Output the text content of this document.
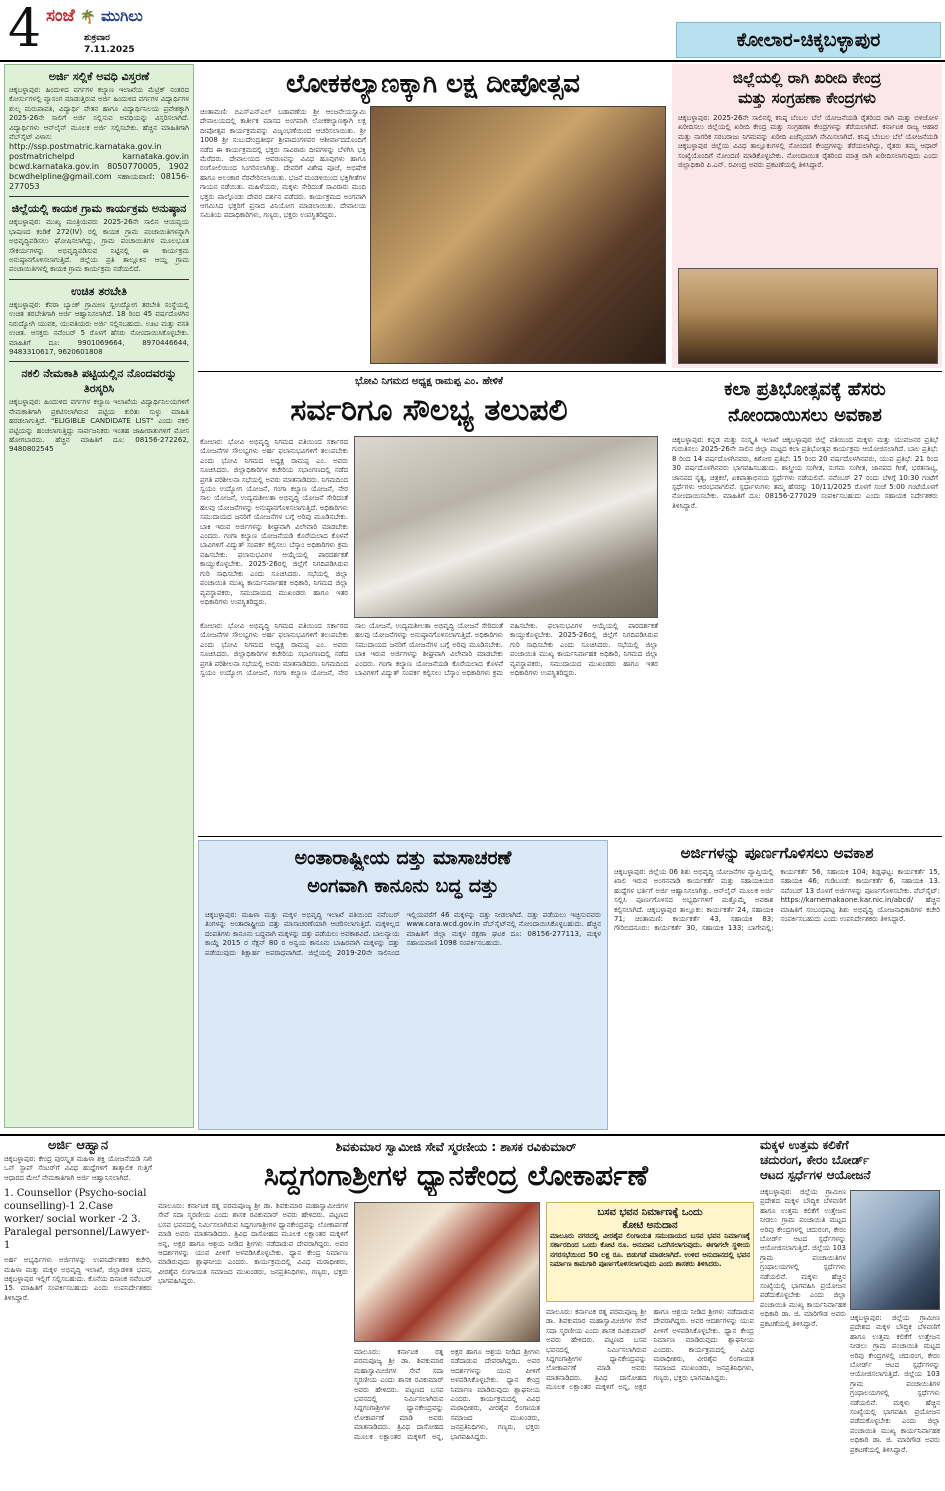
4 ಸಂಜೆ 🌴 ಮುಗಿಲು
ಶುಕ್ರವಾರ
7.11.2025	ಕೋಲಾರ-ಚಿಕ್ಕಬಳ್ಳಾಪುರ
ಅರ್ಜಿ ಸಲ್ಲಿಕೆ ಅವಧಿ ವಿಸ್ತರಣೆ
ಚಿಕ್ಕಬಳ್ಳಾಪುರ: ಹಿಂದುಳಿದ ವರ್ಗಗಳ ಕಲ್ಯಾಣ ಇಲಾಖೆಯ ಮೆಟ್ರಿಕ್ ನಂತರದ ಕೋರ್ಸುಗಳಲ್ಲಿ ವ್ಯಾಸಂಗ ಮಾಡುತ್ತಿರುವ ಅರ್ಜಿ ಹಿಂದುಳಿದ ವರ್ಗಗಳ ವಿದ್ಯಾರ್ಥಿಗಳ ಶುಲ್ಕ ಮರುಪಾವತಿ, ವಿದ್ಯಾರ್ಥಿ ವೇತನ ಹಾಗೂ ವಿದ್ಯಾರ್ಥಿನಿಲಯ ಪ್ರವೇಶಕ್ಕಾಗಿ 2025-26ನೇ ಸಾಲಿಗೆ ಅರ್ಜಿ ಸಲ್ಲಿಸುವ ಅವಧಿಯನ್ನು ವಿಸ್ತರಿಸಲಾಗಿದೆ. ವಿದ್ಯಾರ್ಥಿಗಳು ಆನ್‌ಲೈನ್ ಮೂಲಕ ಅರ್ಜಿ ಸಲ್ಲಿಸಬೇಕು. ಹೆಚ್ಚಿನ ಮಾಹಿತಿಗಾಗಿ ವೆಬ್‌ಸೈಟ್ ವಿಳಾಸ:
http://ssp.postmatric.karnataka.gov.in postmatrichelpd karnataka.gov.in bcwd.karnataka.gov.in 8050770005, 1902 bcwdhelpline@gmail.com ಸಹಾಯವಾಣಿ: 08156-277053
ಜಿಲ್ಲೆಯಲ್ಲಿ ಕಾಯಕ ಗ್ರಾಮ ಕಾರ್ಯಕ್ರಮ ಅನುಷ್ಠಾನ
ಚಿಕ್ಕಬಳ್ಳಾಪುರ: ಮುಖ್ಯ ಮಂತ್ರಿಯವರು 2025-26ನೇ ಸಾಲಿನ ಆಯವ್ಯಯ ಭಾಷಣದ ಕಂಡಿಕೆ 272(IV) ರಲ್ಲಿ ಕಾಯಕ ಗ್ರಾಮ ಪಂಚಾಯಿತಿಗಳನ್ನಾಗಿ ಅಭಿವೃದ್ಧಿಪಡಿಸಲು ಘೋಷಿಸಲಾಗಿದ್ದು, ಗ್ರಾಮ ಪಂಚಾಯಿತಿಗಳ ಮೂಲಭೂತ ಸೌಕರ್ಯಗಳನ್ನು ಅಭಿವೃದ್ಧಿಪಡಿಸುವ ನಿಟ್ಟಿನಲ್ಲಿ ಈ ಕಾರ್ಯಕ್ರಮ ಅನುಷ್ಠಾನಗೊಳಿಸಲಾಗುತ್ತಿದೆ. ಜಿಲ್ಲೆಯ ಪ್ರತಿ ತಾಲ್ಲೂಕಿನ ಆಯ್ದ ಗ್ರಾಮ ಪಂಚಾಯಿತಿಗಳಲ್ಲಿ ಕಾಯಕ ಗ್ರಾಮ ಕಾರ್ಯಕ್ರಮ ನಡೆಯಲಿದೆ.
ಉಚಿತ ತರಬೇತಿ
ಚಿಕ್ಕಬಳ್ಳಾಪುರ: ಕೆನರಾ ಬ್ಯಾಂಕ್ ಗ್ರಾಮೀಣ ಸ್ವಉದ್ಯೋಗ ತರಬೇತಿ ಸಂಸ್ಥೆಯಲ್ಲಿ ಉಚಿತ ತರಬೇತಿಗಾಗಿ ಅರ್ಜಿ ಆಹ್ವಾನಿಸಲಾಗಿದೆ. 18 ರಿಂದ 45 ವರ್ಷದೊಳಗಿನ ನಿರುದ್ಯೋಗಿ ಯುವಕ, ಯುವತಿಯರು ಅರ್ಜಿ ಸಲ್ಲಿಸಬಹುದು. ಊಟ ಮತ್ತು ವಸತಿ ಉಚಿತ. ಆಸಕ್ತರು ನವೆಂಬರ್ 5 ರೊಳಗೆ ಹೆಸರು ನೋಂದಾಯಿಸಿಕೊಳ್ಳಬೇಕು. ಮಾಹಿತಿಗೆ ದೂ: 9901069664, 8970446644, 9483310617, 9620601808
ನಕಲಿ ನೇಮಕಾತಿ ಪಟ್ಟಿಯಲ್ಲಿನ ನೊಂದವರನ್ನು ತಿರಸ್ಕರಿಸಿ
ಚಿಕ್ಕಬಳ್ಳಾಪುರ: ಹಿಂದುಳಿದ ವರ್ಗಗಳ ಕಲ್ಯಾಣ ಇಲಾಖೆಯ ವಿದ್ಯಾರ್ಥಿನಿಲಯಗಳಿಗೆ ನೇಮಕಾತಿಗಾಗಿ ಪ್ರಕಟಿಸಲಾಗಿರುವ ಪಟ್ಟಿಯ ಕುರಿತು ಸುಳ್ಳು ಮಾಹಿತಿ ಹರಡಲಾಗುತ್ತಿದೆ. "ELIGIBLE CANDIDATE LIST" ಎಂದು ನಕಲಿ ಪಟ್ಟಿಯನ್ನು ಹಂಚಲಾಗುತ್ತಿದ್ದು ಸಾರ್ವಜನಿಕರು ಇಂತಹ ಜಾಹೀರಾತುಗಳಿಗೆ ಮೋಸ ಹೋಗಬಾರದು. ಹೆಚ್ಚಿನ ಮಾಹಿತಿಗೆ ದೂ: 08156-272262, 9480802545
ಲೋಕಕಲ್ಯಾಣಕ್ಕಾಗಿ ಲಕ್ಷ ದೀಪೋತ್ಸವ
ಚಿಂತಾಮಣಿ: ಬಿಎಸ್‌ಎನ್‌ಎಲ್ ಬಡಾವಣೆಯ ಶ್ರೀ ಆಂಜನೇಯಸ್ವಾಮಿ ದೇವಾಲಯದಲ್ಲಿ ಕಾರ್ತೀಕ ಮಾಸದ ಅಂಗವಾಗಿ ಲೋಕಕಲ್ಯಾಣಕ್ಕಾಗಿ ಲಕ್ಷ ದೀಪೋತ್ಸವ ಕಾರ್ಯಕ್ರಮವನ್ನು ವಿಜೃಂಭಣೆಯಿಂದ ಆಚರಿಸಲಾಯಿತು. ಶ್ರೀ 1008 ಶ್ರೀ ಸುಬುದೇಂದ್ರತೀರ್ಥ ಶ್ರೀಪಾದಂಗಳವರ ಆಶೀರ್ವಾದದೊಂದಿಗೆ ನಡೆದ ಈ ಕಾರ್ಯಕ್ರಮದಲ್ಲಿ ಭಕ್ತರು ಸಾವಿರಾರು ದೀಪಗಳನ್ನು ಬೆಳಗಿಸಿ ಭಕ್ತಿ ಮೆರೆದರು. ದೇವಾಲಯದ ಆವರಣವನ್ನು ವಿವಿಧ ಹೂವುಗಳು ಹಾಗೂ ರಂಗೋಲಿಯಿಂದ ಸಿಂಗರಿಸಲಾಗಿತ್ತು. ದೇವರಿಗೆ ವಿಶೇಷ ಪೂಜೆ, ಅಭಿಷೇಕ ಹಾಗೂ ಅಲಂಕಾರ ನೆರವೇರಿಸಲಾಯಿತು. ಭಜನೆ ಮಂಡಳಿಯಿಂದ ಭಕ್ತಿಗೀತೆಗಳ ಗಾಯನ ನಡೆಯಿತು. ಮಹಿಳೆಯರು, ಮಕ್ಕಳು ಸೇರಿದಂತೆ ಸಾವಿರಾರು ಮಂದಿ ಭಕ್ತರು ಪಾಲ್ಗೊಂಡು ದೇವರ ದರ್ಶನ ಪಡೆದರು. ಕಾರ್ಯಕ್ರಮದ ಅಂಗವಾಗಿ ಆಗಮಿಸಿದ ಭಕ್ತರಿಗೆ ಪ್ರಸಾದ ವಿನಿಯೋಗ ಮಾಡಲಾಯಿತು. ದೇವಾಲಯ ಸಮಿತಿಯ ಪದಾಧಿಕಾರಿಗಳು, ಗಣ್ಯರು, ಭಕ್ತರು ಉಪಸ್ಥಿತರಿದ್ದರು.
ಜಿಲ್ಲೆಯಲ್ಲಿ ರಾಗಿ ಖರೀದಿ ಕೇಂದ್ರ
ಮತ್ತು ಸಂಗ್ರಹಣಾ ಕೇಂದ್ರಗಳು
ಚಿಕ್ಕಬಳ್ಳಾಪುರ: 2025-26ನೇ ಸಾಲಿನಲ್ಲಿ ಕನಿಷ್ಠ ಬೆಂಬಲ ಬೆಲೆ ಯೋಜನೆಯಡಿ ರೈತರಿಂದ ರಾಗಿ ಮತ್ತು ಬಿಳಿಜೋಳ ಖರೀದಿಸಲು ಜಿಲ್ಲೆಯಲ್ಲಿ ಖರೀದಿ ಕೇಂದ್ರ ಮತ್ತು ಸಂಗ್ರಹಣಾ ಕೇಂದ್ರಗಳನ್ನು ತೆರೆಯಲಾಗಿದೆ. ಕರ್ನಾಟಕ ರಾಜ್ಯ ಆಹಾರ ಮತ್ತು ನಾಗರಿಕ ಸರಬರಾಜು ನಿಗಮವನ್ನು ಖರೀದಿ ಏಜೆನ್ಸಿಯಾಗಿ ನೇಮಿಸಲಾಗಿದೆ. ಕನಿಷ್ಠ ಬೆಂಬಲ ಬೆಲೆ ಯೋಜನೆಯಡಿ ಚಿಕ್ಕಬಳ್ಳಾಪುರ ಜಿಲ್ಲೆಯ ವಿವಿಧ ತಾಲ್ಲೂಕುಗಳಲ್ಲಿ ನೋಂದಣಿ ಕೇಂದ್ರಗಳನ್ನು ತೆರೆಯಲಾಗಿದ್ದು, ರೈತರು ತಮ್ಮ ಆಧಾರ್ ಸಂಖ್ಯೆಯೊಂದಿಗೆ ನೋಂದಣಿ ಮಾಡಿಕೊಳ್ಳಬೇಕು. ನೋಂದಾಯಿತ ರೈತರಿಂದ ಮಾತ್ರ ರಾಗಿ ಖರೀದಿಸಲಾಗುವುದು ಎಂದು ಜಿಲ್ಲಾಧಿಕಾರಿ ಪಿ.ಎನ್. ರವೀಂದ್ರ ಅವರು ಪ್ರಕಟಣೆಯಲ್ಲಿ ತಿಳಿಸಿದ್ದಾರೆ.
ಭೋವಿ ನಿಗಮದ ಅಧ್ಯಕ್ಷ ರಾಮಪ್ಪ ಎಂ. ಹೇಳಿಕೆ
ಸರ್ವರಿಗೂ ಸೌಲಭ್ಯ ತಲುಪಲಿ
ಕೋಲಾರ: ಭೋವಿ ಅಭಿವೃದ್ಧಿ ನಿಗಮದ ವತಿಯಿಂದ ಸರ್ಕಾರದ ಯೋಜನೆಗಳ ಸೌಲಭ್ಯಗಳು ಅರ್ಹ ಫಲಾನುಭವಿಗಳಿಗೆ ತಲುಪಬೇಕು ಎಂದು ಭೋವಿ ನಿಗಮದ ಅಧ್ಯಕ್ಷ ರಾಮಪ್ಪ ಎಂ. ಅವರು ಸೂಚಿಸಿದರು. ಜಿಲ್ಲಾಧಿಕಾರಿಗಳ ಕಚೇರಿಯ ಸಭಾಂಗಣದಲ್ಲಿ ನಡೆದ ಪ್ರಗತಿ ಪರಿಶೀಲನಾ ಸಭೆಯಲ್ಲಿ ಅವರು ಮಾತನಾಡಿದರು. ನಿಗಮದಿಂದ ಸ್ವಯಂ ಉದ್ಯೋಗ ಯೋಜನೆ, ಗಂಗಾ ಕಲ್ಯಾಣ ಯೋಜನೆ, ನೇರ ಸಾಲ ಯೋಜನೆ, ಉದ್ಯಮಶೀಲತಾ ಅಭಿವೃದ್ಧಿ ಯೋಜನೆ ಸೇರಿದಂತೆ ಹಲವು ಯೋಜನೆಗಳನ್ನು ಅನುಷ್ಠಾನಗೊಳಿಸಲಾಗುತ್ತಿದೆ. ಅಧಿಕಾರಿಗಳು ಸಮುದಾಯದ ಜನರಿಗೆ ಯೋಜನೆಗಳ ಬಗ್ಗೆ ಅರಿವು ಮೂಡಿಸಬೇಕು. ಬಾಕಿ ಇರುವ ಅರ್ಜಿಗಳನ್ನು ಶೀಘ್ರವಾಗಿ ವಿಲೇವಾರಿ ಮಾಡಬೇಕು ಎಂದರು. ಗಂಗಾ ಕಲ್ಯಾಣ ಯೋಜನೆಯಡಿ ಕೊರೆಯಲಾದ ಕೊಳವೆ ಬಾವಿಗಳಿಗೆ ವಿದ್ಯುತ್ ಸಂಪರ್ಕ ಕಲ್ಪಿಸಲು ಬೆಸ್ಕಾಂ ಅಧಿಕಾರಿಗಳು ಕ್ರಮ ವಹಿಸಬೇಕು. ಫಲಾನುಭವಿಗಳ ಆಯ್ಕೆಯಲ್ಲಿ ಪಾರದರ್ಶಕತೆ ಕಾಯ್ದುಕೊಳ್ಳಬೇಕು. 2025-26ರಲ್ಲಿ ಜಿಲ್ಲೆಗೆ ನಿಗದಿಪಡಿಸಿರುವ ಗುರಿ ಸಾಧಿಸಬೇಕು ಎಂದು ಸೂಚಿಸಿದರು. ಸಭೆಯಲ್ಲಿ ಜಿಲ್ಲಾ ಪಂಚಾಯಿತಿ ಮುಖ್ಯ ಕಾರ್ಯನಿರ್ವಾಹಕ ಅಧಿಕಾರಿ, ನಿಗಮದ ಜಿಲ್ಲಾ ವ್ಯವಸ್ಥಾಪಕರು, ಸಮುದಾಯದ ಮುಖಂಡರು ಹಾಗೂ ಇತರ ಅಧಿಕಾರಿಗಳು ಉಪಸ್ಥಿತರಿದ್ದರು.
ಕೋಲಾರ: ಭೋವಿ ಅಭಿವೃದ್ಧಿ ನಿಗಮದ ವತಿಯಿಂದ ಸರ್ಕಾರದ ಯೋಜನೆಗಳ ಸೌಲಭ್ಯಗಳು ಅರ್ಹ ಫಲಾನುಭವಿಗಳಿಗೆ ತಲುಪಬೇಕು ಎಂದು ಭೋವಿ ನಿಗಮದ ಅಧ್ಯಕ್ಷ ರಾಮಪ್ಪ ಎಂ. ಅವರು ಸೂಚಿಸಿದರು. ಜಿಲ್ಲಾಧಿಕಾರಿಗಳ ಕಚೇರಿಯ ಸಭಾಂಗಣದಲ್ಲಿ ನಡೆದ ಪ್ರಗತಿ ಪರಿಶೀಲನಾ ಸಭೆಯಲ್ಲಿ ಅವರು ಮಾತನಾಡಿದರು. ನಿಗಮದಿಂದ ಸ್ವಯಂ ಉದ್ಯೋಗ ಯೋಜನೆ, ಗಂಗಾ ಕಲ್ಯಾಣ ಯೋಜನೆ, ನೇರ ಸಾಲ ಯೋಜನೆ, ಉದ್ಯಮಶೀಲತಾ ಅಭಿವೃದ್ಧಿ ಯೋಜನೆ ಸೇರಿದಂತೆ ಹಲವು ಯೋಜನೆಗಳನ್ನು ಅನುಷ್ಠಾನಗೊಳಿಸಲಾಗುತ್ತಿದೆ. ಅಧಿಕಾರಿಗಳು ಸಮುದಾಯದ ಜನರಿಗೆ ಯೋಜನೆಗಳ ಬಗ್ಗೆ ಅರಿವು ಮೂಡಿಸಬೇಕು. ಬಾಕಿ ಇರುವ ಅರ್ಜಿಗಳನ್ನು ಶೀಘ್ರವಾಗಿ ವಿಲೇವಾರಿ ಮಾಡಬೇಕು ಎಂದರು. ಗಂಗಾ ಕಲ್ಯಾಣ ಯೋಜನೆಯಡಿ ಕೊರೆಯಲಾದ ಕೊಳವೆ ಬಾವಿಗಳಿಗೆ ವಿದ್ಯುತ್ ಸಂಪರ್ಕ ಕಲ್ಪಿಸಲು ಬೆಸ್ಕಾಂ ಅಧಿಕಾರಿಗಳು ಕ್ರಮ ವಹಿಸಬೇಕು. ಫಲಾನುಭವಿಗಳ ಆಯ್ಕೆಯಲ್ಲಿ ಪಾರದರ್ಶಕತೆ ಕಾಯ್ದುಕೊಳ್ಳಬೇಕು. 2025-26ರಲ್ಲಿ ಜಿಲ್ಲೆಗೆ ನಿಗದಿಪಡಿಸಿರುವ ಗುರಿ ಸಾಧಿಸಬೇಕು ಎಂದು ಸೂಚಿಸಿದರು. ಸಭೆಯಲ್ಲಿ ಜಿಲ್ಲಾ ಪಂಚಾಯಿತಿ ಮುಖ್ಯ ಕಾರ್ಯನಿರ್ವಾಹಕ ಅಧಿಕಾರಿ, ನಿಗಮದ ಜಿಲ್ಲಾ ವ್ಯವಸ್ಥಾಪಕರು, ಸಮುದಾಯದ ಮುಖಂಡರು ಹಾಗೂ ಇತರ ಅಧಿಕಾರಿಗಳು ಉಪಸ್ಥಿತರಿದ್ದರು.
ಕಲಾ ಪ್ರತಿಭೋತ್ಸವಕ್ಕೆ ಹೆಸರು
ನೋಂದಾಯಿಸಲು ಅವಕಾಶ
ಚಿಕ್ಕಬಳ್ಳಾಪುರ: ಕನ್ನಡ ಮತ್ತು ಸಂಸ್ಕೃತಿ ಇಲಾಖೆ ಚಿಕ್ಕಬಳ್ಳಾಪುರ ಜಿಲ್ಲೆ ವತಿಯಿಂದ ಮಕ್ಕಳು ಮತ್ತು ಯುವಜನರ ಪ್ರತಿಭೆ ಗುರುತಿಸಲು 2025-26ನೇ ಸಾಲಿನ ಜಿಲ್ಲಾ ಮಟ್ಟದ ಕಲಾ ಪ್ರತಿಭೋತ್ಸವ ಕಾರ್ಯಕ್ರಮ ಆಯೋಜಿಸಲಾಗಿದೆ. ಬಾಲ ಪ್ರತಿಭೆ: 8 ರಿಂದ 14 ವರ್ಷದೊಳಗಿನವರು, ಕಿಶೋರ ಪ್ರತಿಭೆ: 15 ರಿಂದ 20 ವರ್ಷದೊಳಗಿನವರು, ಯುವ ಪ್ರತಿಭೆ: 21 ರಿಂದ 30 ವರ್ಷದೊಳಗಿನವರು ಭಾಗವಹಿಸಬಹುದು. ಶಾಸ್ತ್ರೀಯ ಸಂಗೀತ, ಸುಗಮ ಸಂಗೀತ, ಜಾನಪದ ಗೀತೆ, ಭರತನಾಟ್ಯ, ಜಾನಪದ ನೃತ್ಯ, ಚಿತ್ರಕಲೆ, ಏಕಪಾತ್ರಾಭಿನಯ ಸ್ಪರ್ಧೆಗಳು ನಡೆಯಲಿವೆ. ನವೆಂಬರ್ 27 ರಂದು ಬೆಳಿಗ್ಗೆ 10:30 ಗಂಟೆಗೆ ಸ್ಪರ್ಧೆಗಳು ಆರಂಭವಾಗಲಿವೆ. ಸ್ಪರ್ಧಾಳುಗಳು ತಮ್ಮ ಹೆಸರನ್ನು 10/11/2025 ರೊಳಗೆ ಸಂಜೆ 5:00 ಗಂಟೆಯೊಳಗೆ ನೋಂದಾಯಿಸಬೇಕು. ಮಾಹಿತಿಗೆ ದೂ: 08156-277029 ಸಂಪರ್ಕಿಸಬಹುದು ಎಂದು ಸಹಾಯಕ ನಿರ್ದೇಶಕರು ತಿಳಿಸಿದ್ದಾರೆ.
ಅಂತಾರಾಷ್ಟ್ರೀಯ ದತ್ತು ಮಾಸಾಚರಣೆ
ಅಂಗವಾಗಿ ಕಾನೂನು ಬದ್ಧ ದತ್ತು
ಚಿಕ್ಕಬಳ್ಳಾಪುರ: ಮಹಿಳಾ ಮತ್ತು ಮಕ್ಕಳ ಅಭಿವೃದ್ಧಿ ಇಲಾಖೆ ವತಿಯಿಂದ ನವೆಂಬರ್ ತಿಂಗಳನ್ನು ಅಂತಾರಾಷ್ಟ್ರೀಯ ದತ್ತು ಮಾಸಾಚರಣೆಯಾಗಿ ಆಚರಿಸಲಾಗುತ್ತಿದೆ. ಮಕ್ಕಳಿಲ್ಲದ ದಂಪತಿಗಳು ಕಾನೂನು ಬದ್ಧವಾಗಿ ಮಕ್ಕಳನ್ನು ದತ್ತು ಪಡೆಯಲು ಅವಕಾಶವಿದೆ. ಬಾಲನ್ಯಾಯ ಕಾಯ್ದೆ 2015 ರ ಸೆಕ್ಷನ್ 80 ರ ಅನ್ವಯ ಕಾನೂನು ಬಾಹಿರವಾಗಿ ಮಕ್ಕಳನ್ನು ದತ್ತು ಪಡೆಯುವುದು ಶಿಕ್ಷಾರ್ಹ ಅಪರಾಧವಾಗಿದೆ. ಜಿಲ್ಲೆಯಲ್ಲಿ 2019-20ನೇ ಸಾಲಿನಿಂದ ಇಲ್ಲಿಯವರೆಗೆ 46 ಮಕ್ಕಳನ್ನು ದತ್ತು ನೀಡಲಾಗಿದೆ. ದತ್ತು ಪಡೆಯಲು ಇಚ್ಛಿಸುವವರು www.cara.wcd.gov.in ವೆಬ್‌ಸೈಟ್‌ನಲ್ಲಿ ನೋಂದಾಯಿಸಿಕೊಳ್ಳಬಹುದು. ಹೆಚ್ಚಿನ ಮಾಹಿತಿಗೆ ಜಿಲ್ಲಾ ಮಕ್ಕಳ ರಕ್ಷಣಾ ಘಟಕ ದೂ: 08156-277113, ಮಕ್ಕಳ ಸಹಾಯವಾಣಿ 1098 ಸಂಪರ್ಕಿಸಬಹುದು.
ಅರ್ಜಿಗಳನ್ನು ಪೂರ್ಣಗೊಳಿಸಲು ಅವಕಾಶ
ಚಿಕ್ಕಬಳ್ಳಾಪುರ: ಜಿಲ್ಲೆಯ 06 ಶಿಶು ಅಭಿವೃದ್ಧಿ ಯೋಜನೆಗಳ ವ್ಯಾಪ್ತಿಯಲ್ಲಿ ಖಾಲಿ ಇರುವ ಅಂಗನವಾಡಿ ಕಾರ್ಯಕರ್ತೆ ಮತ್ತು ಸಹಾಯಕಿಯರ ಹುದ್ದೆಗಳ ಭರ್ತಿಗೆ ಅರ್ಜಿ ಆಹ್ವಾನಿಸಲಾಗಿತ್ತು. ಆನ್‌ಲೈನ್ ಮೂಲಕ ಅರ್ಜಿ ಸಲ್ಲಿಸಿ ಪೂರ್ಣಗೊಳಿಸದ ಅಭ್ಯರ್ಥಿಗಳಿಗೆ ಮತ್ತೊಮ್ಮೆ ಅವಕಾಶ ಕಲ್ಪಿಸಲಾಗಿದೆ. ಚಿಕ್ಕಬಳ್ಳಾಪುರ ತಾಲ್ಲೂಕು: ಕಾರ್ಯಕರ್ತೆ 24, ಸಹಾಯಕಿ 71; ಚಿಂತಾಮಣಿ: ಕಾರ್ಯಕರ್ತೆ 43, ಸಹಾಯಕಿ 83; ಗೌರಿಬಿದನೂರು: ಕಾರ್ಯಕರ್ತೆ 30, ಸಹಾಯಕಿ 133; ಬಾಗೇಪಲ್ಲಿ: ಕಾರ್ಯಕರ್ತೆ 56, ಸಹಾಯಕಿ 104; ಶಿಡ್ಲಘಟ್ಟ: ಕಾರ್ಯಕರ್ತೆ 15, ಸಹಾಯಕಿ 46; ಗುಡಿಬಂಡೆ: ಕಾರ್ಯಕರ್ತೆ 6, ಸಹಾಯಕಿ 13. ನವೆಂಬರ್ 13 ರೊಳಗೆ ಅರ್ಜಿಗಳನ್ನು ಪೂರ್ಣಗೊಳಿಸಬೇಕು. ವೆಬ್‌ಸೈಟ್: https://karnemakaone.kar.nic.in/abcd/ ಹೆಚ್ಚಿನ ಮಾಹಿತಿಗೆ ಸಂಬಂಧಪಟ್ಟ ಶಿಶು ಅಭಿವೃದ್ಧಿ ಯೋಜನಾಧಿಕಾರಿಗಳ ಕಚೇರಿ ಸಂಪರ್ಕಿಸಬಹುದು ಎಂದು ಉಪನಿರ್ದೇಶಕರು ತಿಳಿಸಿದ್ದಾರೆ.
ಅರ್ಜಿ ಆಹ್ವಾನ
ಚಿಕ್ಕಬಳ್ಳಾಪುರ: ಕೇಂದ್ರ ಪುರಸ್ಕೃತ ಮಹಿಳಾ ಶಕ್ತಿ ಯೋಜನೆಯಡಿ ಸಖಿ ಒನ್ ಸ್ಟಾಪ್ ಸೆಂಟರ್‌ಗೆ ವಿವಿಧ ಹುದ್ದೆಗಳಿಗೆ ತಾತ್ಕಾಲಿಕ ಗುತ್ತಿಗೆ ಆಧಾರದ ಮೇಲೆ ನೇಮಕಾತಿಗಾಗಿ ಅರ್ಜಿ ಆಹ್ವಾನಿಸಲಾಗಿದೆ.
1. Counsellor (Psycho-social counselling)-1 2.Case worker/ social worker -2 3. Paralegal personnel/Lawyer-1
ಅರ್ಹ ಅಭ್ಯರ್ಥಿಗಳು ಅರ್ಜಿಗಳನ್ನು ಉಪನಿರ್ದೇಶಕರ ಕಚೇರಿ, ಮಹಿಳಾ ಮತ್ತು ಮಕ್ಕಳ ಅಭಿವೃದ್ಧಿ ಇಲಾಖೆ, ಜಿಲ್ಲಾಡಳಿತ ಭವನ, ಚಿಕ್ಕಬಳ್ಳಾಪುರ ಇಲ್ಲಿಗೆ ಸಲ್ಲಿಸಬಹುದು. ಕೊನೆಯ ದಿನಾಂಕ ನವೆಂಬರ್ 15. ಮಾಹಿತಿಗೆ ಸಂಪರ್ಕಿಸಬಹುದು ಎಂದು ಉಪನಿರ್ದೇಶಕರು ತಿಳಿಸಿದ್ದಾರೆ.
ಶಿವಕುಮಾರ ಸ್ವಾಮೀಜಿ ಸೇವೆ ಸ್ಮರಣೀಯ : ಶಾಸಕ ರವಿಕುಮಾರ್
ಸಿದ್ದಗಂಗಾಶ್ರೀಗಳ ಧ್ಯಾನಕೇಂದ್ರ ಲೋಕಾರ್ಪಣೆ
ಮಾಲೂರು: ಕರ್ನಾಟಕ ರತ್ನ ಪರಮಪೂಜ್ಯ ಶ್ರೀ ಡಾ. ಶಿವಕುಮಾರ ಮಹಾಸ್ವಾಮೀಜಿಗಳ ಸೇವೆ ಸದಾ ಸ್ಮರಣೀಯ ಎಂದು ಶಾಸಕ ರವಿಕುಮಾರ್ ಅವರು ಹೇಳಿದರು. ಪಟ್ಟಣದ ಬಸವ ಭವನದಲ್ಲಿ ನಿರ್ಮಿಸಲಾಗಿರುವ ಸಿದ್ದಗಂಗಾಶ್ರೀಗಳ ಧ್ಯಾನಕೇಂದ್ರವನ್ನು ಲೋಕಾರ್ಪಣೆ ಮಾಡಿ ಅವರು ಮಾತನಾಡಿದರು. ತ್ರಿವಿಧ ದಾಸೋಹದ ಮೂಲಕ ಲಕ್ಷಾಂತರ ಮಕ್ಕಳಿಗೆ ಅನ್ನ, ಅಕ್ಷರ ಹಾಗೂ ಆಶ್ರಯ ನೀಡಿದ ಶ್ರೀಗಳು ನಡೆದಾಡುವ ದೇವರಾಗಿದ್ದರು. ಅವರ ಆದರ್ಶಗಳನ್ನು ಯುವ ಪೀಳಿಗೆ ಅಳವಡಿಸಿಕೊಳ್ಳಬೇಕು. ಧ್ಯಾನ ಕೇಂದ್ರ ನಿರ್ಮಾಣ ಮಾಡಿರುವುದು ಶ್ಲಾಘನೀಯ ಎಂದರು. ಕಾರ್ಯಕ್ರಮದಲ್ಲಿ ವಿವಿಧ ಮಠಾಧೀಶರು, ವೀರಶೈವ ಲಿಂಗಾಯತ ಸಮಾಜದ ಮುಖಂಡರು, ಜನಪ್ರತಿನಿಧಿಗಳು, ಗಣ್ಯರು, ಭಕ್ತರು ಭಾಗವಹಿಸಿದ್ದರು.
ಮಾಲೂರು: ಕರ್ನಾಟಕ ರತ್ನ ಪರಮಪೂಜ್ಯ ಶ್ರೀ ಡಾ. ಶಿವಕುಮಾರ ಮಹಾಸ್ವಾಮೀಜಿಗಳ ಸೇವೆ ಸದಾ ಸ್ಮರಣೀಯ ಎಂದು ಶಾಸಕ ರವಿಕುಮಾರ್ ಅವರು ಹೇಳಿದರು. ಪಟ್ಟಣದ ಬಸವ ಭವನದಲ್ಲಿ ನಿರ್ಮಿಸಲಾಗಿರುವ ಸಿದ್ದಗಂಗಾಶ್ರೀಗಳ ಧ್ಯಾನಕೇಂದ್ರವನ್ನು ಲೋಕಾರ್ಪಣೆ ಮಾಡಿ ಅವರು ಮಾತನಾಡಿದರು. ತ್ರಿವಿಧ ದಾಸೋಹದ ಮೂಲಕ ಲಕ್ಷಾಂತರ ಮಕ್ಕಳಿಗೆ ಅನ್ನ, ಅಕ್ಷರ ಹಾಗೂ ಆಶ್ರಯ ನೀಡಿದ ಶ್ರೀಗಳು ನಡೆದಾಡುವ ದೇವರಾಗಿದ್ದರು. ಅವರ ಆದರ್ಶಗಳನ್ನು ಯುವ ಪೀಳಿಗೆ ಅಳವಡಿಸಿಕೊಳ್ಳಬೇಕು. ಧ್ಯಾನ ಕೇಂದ್ರ ನಿರ್ಮಾಣ ಮಾಡಿರುವುದು ಶ್ಲಾಘನೀಯ ಎಂದರು. ಕಾರ್ಯಕ್ರಮದಲ್ಲಿ ವಿವಿಧ ಮಠಾಧೀಶರು, ವೀರಶೈವ ಲಿಂಗಾಯತ ಸಮಾಜದ ಮುಖಂಡರು, ಜನಪ್ರತಿನಿಧಿಗಳು, ಗಣ್ಯರು, ಭಕ್ತರು ಭಾಗವಹಿಸಿದ್ದರು.
ಬಸವ ಭವನ ನಿರ್ಮಾಣಕ್ಕೆ ಒಂದು
ಕೋಟಿ ಅನುದಾನ
ಮಾಲೂರು ನಗರದಲ್ಲಿ ವೀರಶೈವ ಲಿಂಗಾಯತ ಸಮುದಾಯದ ಬಸವ ಭವನ ನಿರ್ಮಾಣಕ್ಕೆ ಸರ್ಕಾರದಿಂದ ಒಂದು ಕೋಟಿ ರೂ. ಅನುದಾನ ಒದಗಿಸಲಾಗುವುದು. ಈಗಾಗಲೇ ಸ್ಥಳೀಯ ನಗರಸಭೆಯಿಂದ 50 ಲಕ್ಷ ರೂ. ಬಿಡುಗಡೆ ಮಾಡಲಾಗಿದೆ. ಉಳಿದ ಅನುದಾನದಲ್ಲಿ ಭವನ ನಿರ್ಮಾಣ ಕಾಮಗಾರಿ ಪೂರ್ಣಗೊಳಿಸಲಾಗುವುದು ಎಂದು ಶಾಸಕರು ತಿಳಿಸಿದರು.
ಮಾಲೂರು: ಕರ್ನಾಟಕ ರತ್ನ ಪರಮಪೂಜ್ಯ ಶ್ರೀ ಡಾ. ಶಿವಕುಮಾರ ಮಹಾಸ್ವಾಮೀಜಿಗಳ ಸೇವೆ ಸದಾ ಸ್ಮರಣೀಯ ಎಂದು ಶಾಸಕ ರವಿಕುಮಾರ್ ಅವರು ಹೇಳಿದರು. ಪಟ್ಟಣದ ಬಸವ ಭವನದಲ್ಲಿ ನಿರ್ಮಿಸಲಾಗಿರುವ ಸಿದ್ದಗಂಗಾಶ್ರೀಗಳ ಧ್ಯಾನಕೇಂದ್ರವನ್ನು ಲೋಕಾರ್ಪಣೆ ಮಾಡಿ ಅವರು ಮಾತನಾಡಿದರು. ತ್ರಿವಿಧ ದಾಸೋಹದ ಮೂಲಕ ಲಕ್ಷಾಂತರ ಮಕ್ಕಳಿಗೆ ಅನ್ನ, ಅಕ್ಷರ ಹಾಗೂ ಆಶ್ರಯ ನೀಡಿದ ಶ್ರೀಗಳು ನಡೆದಾಡುವ ದೇವರಾಗಿದ್ದರು. ಅವರ ಆದರ್ಶಗಳನ್ನು ಯುವ ಪೀಳಿಗೆ ಅಳವಡಿಸಿಕೊಳ್ಳಬೇಕು. ಧ್ಯಾನ ಕೇಂದ್ರ ನಿರ್ಮಾಣ ಮಾಡಿರುವುದು ಶ್ಲಾಘನೀಯ ಎಂದರು. ಕಾರ್ಯಕ್ರಮದಲ್ಲಿ ವಿವಿಧ ಮಠಾಧೀಶರು, ವೀರಶೈವ ಲಿಂಗಾಯತ ಸಮಾಜದ ಮುಖಂಡರು, ಜನಪ್ರತಿನಿಧಿಗಳು, ಗಣ್ಯರು, ಭಕ್ತರು ಭಾಗವಹಿಸಿದ್ದರು.
ಮಕ್ಕಳ ಉತ್ತಮ ಕಲಿಕೆಗೆ
ಚದುರಂಗ, ಕೇರಂ ಬೋರ್ಡ್
ಆಟದ ಸ್ಪರ್ಧೆಗಳ ಆಯೋಜನೆ
ಚಿಕ್ಕಬಳ್ಳಾಪುರ: ಜಿಲ್ಲೆಯ ಗ್ರಾಮೀಣ ಪ್ರದೇಶದ ಮಕ್ಕಳ ಬೌದ್ಧಿಕ ಬೆಳವಣಿಗೆ ಹಾಗೂ ಉತ್ತಮ ಕಲಿಕೆಗೆ ಉತ್ತೇಜನ ನೀಡಲು ಗ್ರಾಮ ಪಂಚಾಯಿತಿ ಮಟ್ಟದ ಅರಿವು ಕೇಂದ್ರಗಳಲ್ಲಿ ಚದುರಂಗ, ಕೇರಂ ಬೋರ್ಡ್ ಆಟದ ಸ್ಪರ್ಧೆಗಳನ್ನು ಆಯೋಜಿಸಲಾಗುತ್ತಿದೆ. ಜಿಲ್ಲೆಯ 103 ಗ್ರಾಮ ಪಂಚಾಯಿತಿಗಳ ಗ್ರಂಥಾಲಯಗಳಲ್ಲಿ ಸ್ಪರ್ಧೆಗಳು ನಡೆಯಲಿವೆ. ಮಕ್ಕಳು ಹೆಚ್ಚಿನ ಸಂಖ್ಯೆಯಲ್ಲಿ ಭಾಗವಹಿಸಿ ಪ್ರಯೋಜನ ಪಡೆದುಕೊಳ್ಳಬೇಕು ಎಂದು ಜಿಲ್ಲಾ ಪಂಚಾಯಿತಿ ಮುಖ್ಯ ಕಾರ್ಯನಿರ್ವಾಹಕ ಅಧಿಕಾರಿ ಡಾ. ಜಿ. ಮಾರಿಗೌಡ ಅವರು ಪ್ರಕಟಣೆಯಲ್ಲಿ ತಿಳಿಸಿದ್ದಾರೆ.
ಚಿಕ್ಕಬಳ್ಳಾಪುರ: ಜಿಲ್ಲೆಯ ಗ್ರಾಮೀಣ ಪ್ರದೇಶದ ಮಕ್ಕಳ ಬೌದ್ಧಿಕ ಬೆಳವಣಿಗೆ ಹಾಗೂ ಉತ್ತಮ ಕಲಿಕೆಗೆ ಉತ್ತೇಜನ ನೀಡಲು ಗ್ರಾಮ ಪಂಚಾಯಿತಿ ಮಟ್ಟದ ಅರಿವು ಕೇಂದ್ರಗಳಲ್ಲಿ ಚದುರಂಗ, ಕೇರಂ ಬೋರ್ಡ್ ಆಟದ ಸ್ಪರ್ಧೆಗಳನ್ನು ಆಯೋಜಿಸಲಾಗುತ್ತಿದೆ. ಜಿಲ್ಲೆಯ 103 ಗ್ರಾಮ ಪಂಚಾಯಿತಿಗಳ ಗ್ರಂಥಾಲಯಗಳಲ್ಲಿ ಸ್ಪರ್ಧೆಗಳು ನಡೆಯಲಿವೆ. ಮಕ್ಕಳು ಹೆಚ್ಚಿನ ಸಂಖ್ಯೆಯಲ್ಲಿ ಭಾಗವಹಿಸಿ ಪ್ರಯೋಜನ ಪಡೆದುಕೊಳ್ಳಬೇಕು ಎಂದು ಜಿಲ್ಲಾ ಪಂಚಾಯಿತಿ ಮುಖ್ಯ ಕಾರ್ಯನಿರ್ವಾಹಕ ಅಧಿಕಾರಿ ಡಾ. ಜಿ. ಮಾರಿಗೌಡ ಅವರು ಪ್ರಕಟಣೆಯಲ್ಲಿ ತಿಳಿಸಿದ್ದಾರೆ.
